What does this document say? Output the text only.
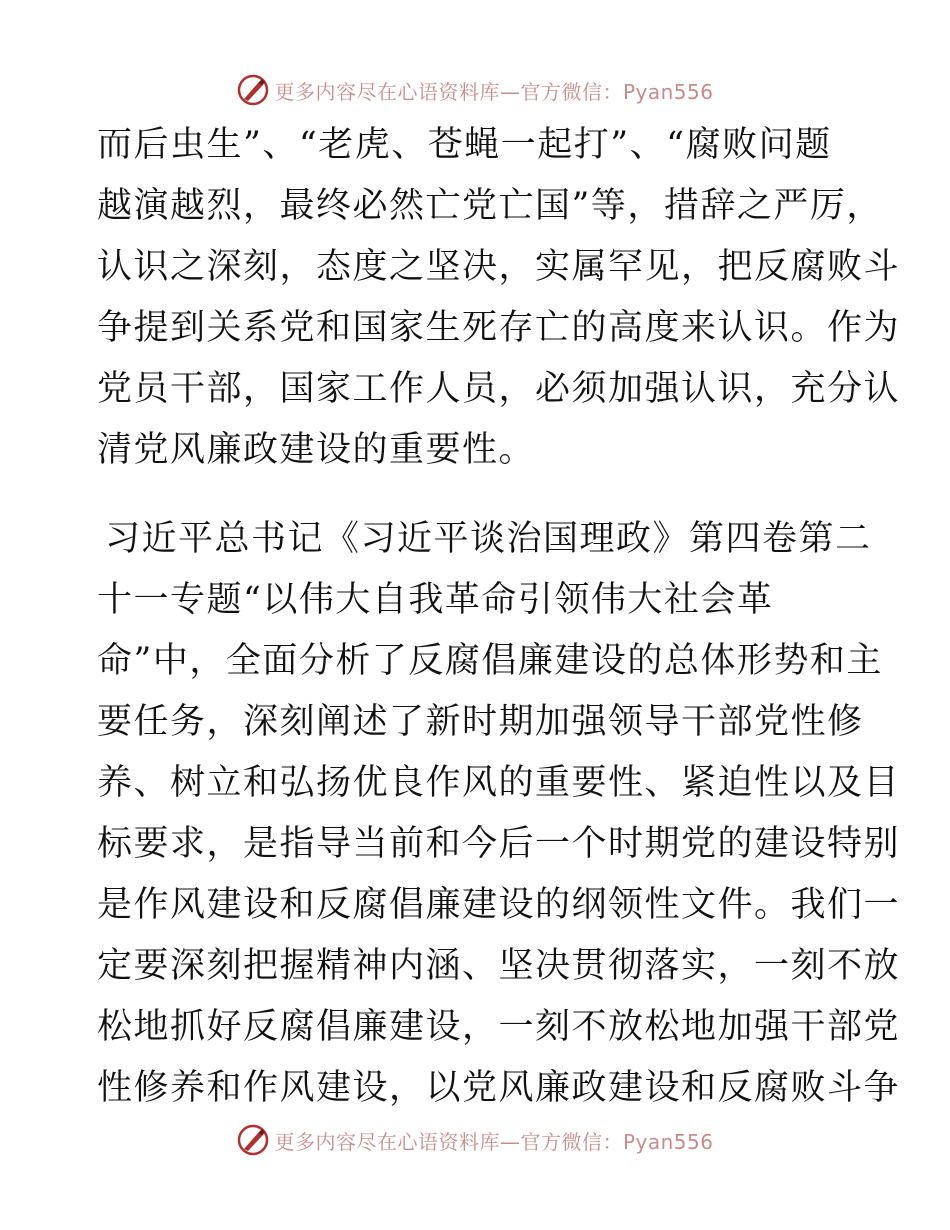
更多内容尽在心语资料库—官方微信：Pyan556
而后虫生”、“老虎、苍蝇一起打”、“腐败问题
越演越烈，最终必然亡党亡国”等，措辞之严厉，
认识之深刻，态度之坚决，实属罕见，把反腐败斗
争提到关系党和国家生死存亡的高度来认识。作为
党员干部，国家工作人员，必须加强认识，充分认
清党风廉政建设的重要性。
习近平总书记《习近平谈治国理政》第四卷第二
十一专题“以伟大自我革命引领伟大社会革
命”中，全面分析了反腐倡廉建设的总体形势和主
要任务，深刻阐述了新时期加强领导干部党性修
养、树立和弘扬优良作风的重要性、紧迫性以及目
标要求，是指导当前和今后一个时期党的建设特别
是作风建设和反腐倡廉建设的纲领性文件。我们一
定要深刻把握精神内涵、坚决贯彻落实，一刻不放
松地抓好反腐倡廉建设，一刻不放松地加强干部党
性修养和作风建设，以党风廉政建设和反腐败斗争
更多内容尽在心语资料库—官方微信：Pyan556
